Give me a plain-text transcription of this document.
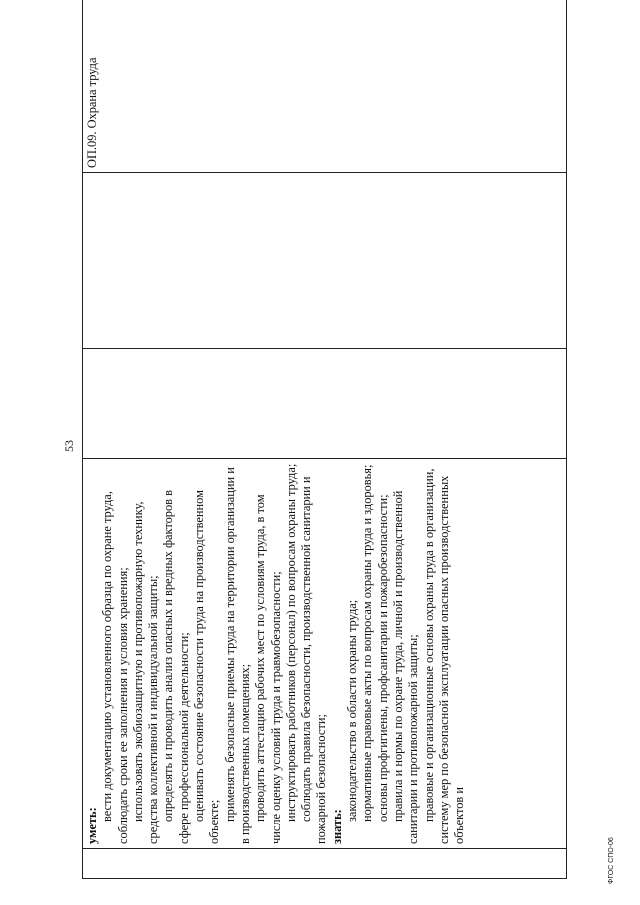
53

уметь:
вести документацию установленного образца по охране труда, соблюдать сроки ее заполнения и условия хранения; использовать экобиозащитную и противопожарную технику, средства коллективной и индивидуальной защиты; определять и проводить анализ опасных и вредных факторов в сфере профессиональной деятельности; оценивать состояние безопасности труда на производственном объекте; применять безопасные приемы труда на территории организации и в производственных помещениях; проводить аттестацию рабочих мест по условиям труда, в том числе оценку условий труда и травмобезопасности; инструктировать работников (персонал) по вопросам охраны труда; соблюдать правила безопасности, производственной санитарии и пожарной безопасности; знать:
законодательство в области охраны труда; нормативные правовые акты по вопросам охраны труда и здоровья; основы профгигиены, профсанитарии и пожаробезопасности; правила и нормы по охране труда, личной и производственной санитарии и противопожарной защиты; правовые и организационные основы охраны труда в организации, систему мер по безопасной эксплуатации опасных производственных объектов и
			ОП.09. Охрана труда	
ФГОС СПО-06
